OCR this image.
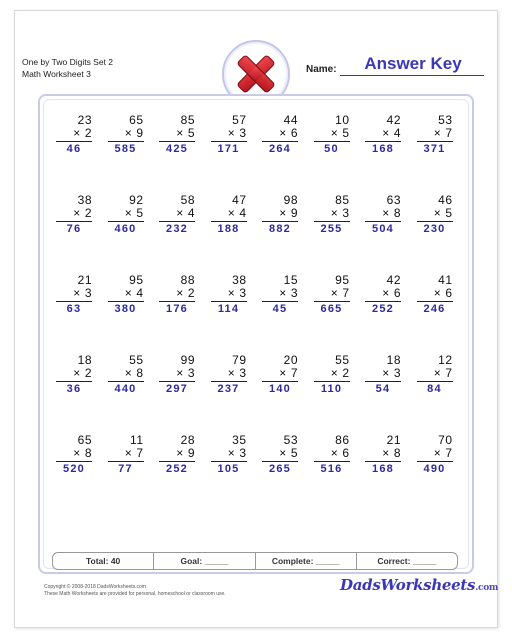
One by Two Digits Set 2
Math Worksheet 3	Name:	Answer Key
23
× 2
46
65
× 9
585
85
× 5
425
57
× 3
171
44
× 6
264
10
× 5
50
42
× 4
168
53
× 7
371
38
× 2
76
92
× 5
460
58
× 4
232
47
× 4
188
98
× 9
882
85
× 3
255
63
× 8
504
46
× 5
230
21
× 3
63
95
× 4
380
88
× 2
176
38
× 3
114
15
× 3
45
95
× 7
665
42
× 6
252
41
× 6
246
18
× 2
36
55
× 8
440
99
× 3
297
79
× 3
237
20
× 7
140
55
× 2
110
18
× 3
54
12
× 7
84
65
× 8
520
11
× 7
77
28
× 9
252
35
× 3
105
53
× 5
265
86
× 6
516
21
× 8
168
70
× 7
490
Total: 40	Goal: _____	Complete: _____	Correct: _____
Copyright © 2008-2018 DadsWorksheets.com
These Math Worksheets are provided for personal, homeschool or classroom use.	DadsWorksheets.com
